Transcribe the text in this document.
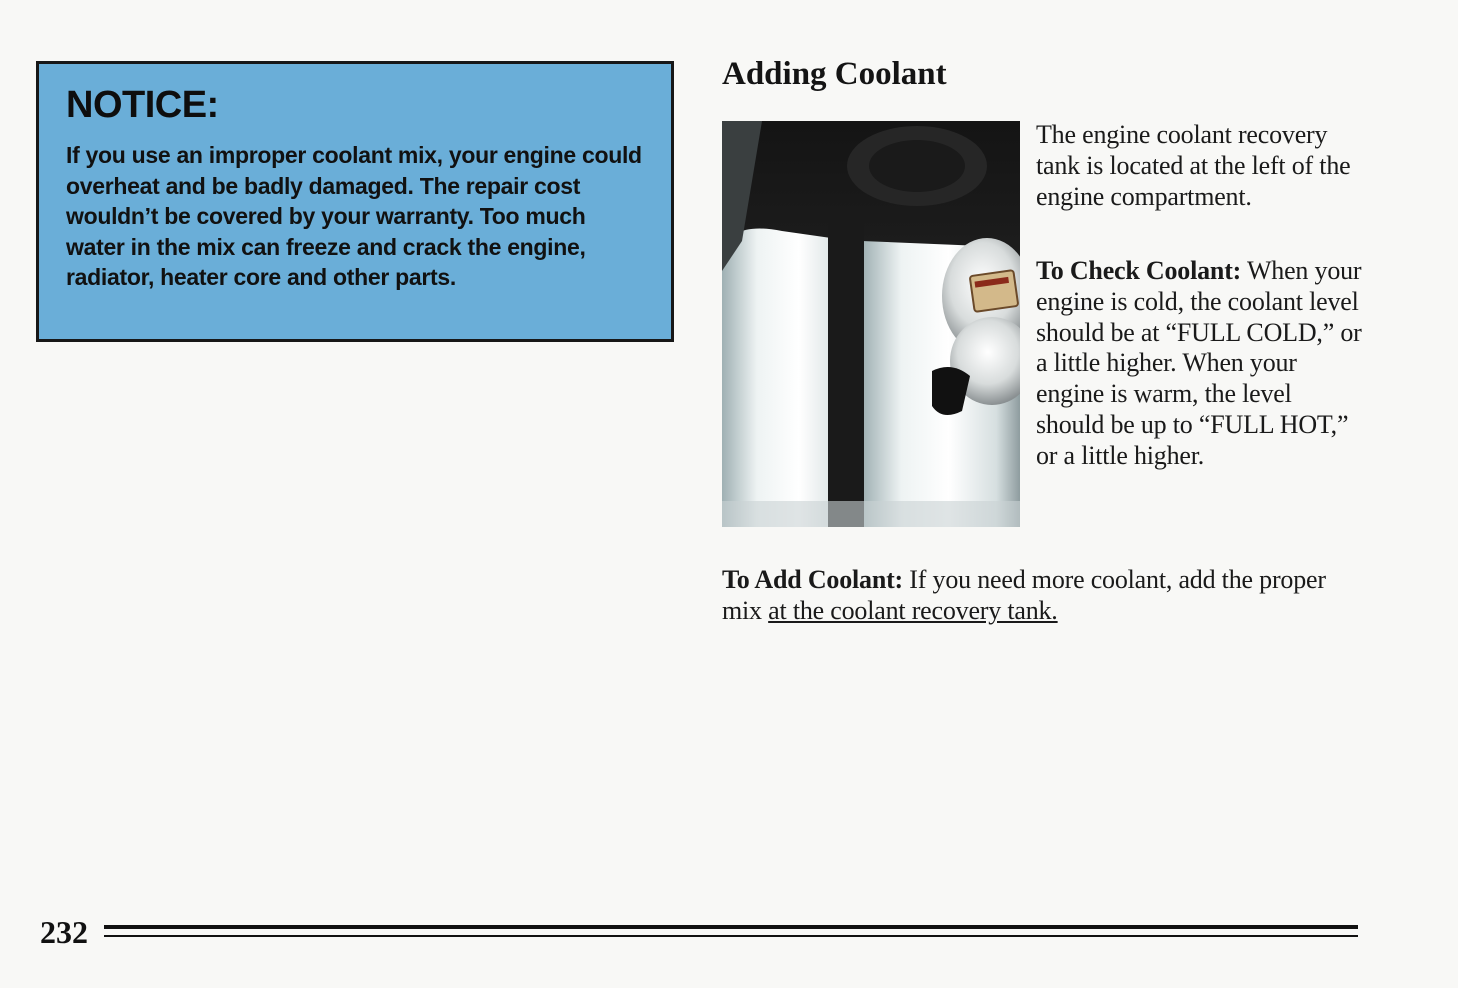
NOTICE:

If you use an improper coolant mix, your engine could overheat and be badly damaged. The repair cost wouldn’t be covered by your warranty. Too much water in the mix can freeze and crack the engine, radiator, heater core and other parts.

Adding Coolant

The engine coolant recovery tank is located at the left of the engine compartment.

To Check Coolant: When your engine is cold, the coolant level should be at “FULL COLD,” or a little higher. When your engine is warm, the level should be up to “FULL HOT,” or a little higher.

To Add Coolant: If you need more coolant, add the proper mix at the coolant recovery tank.

232
